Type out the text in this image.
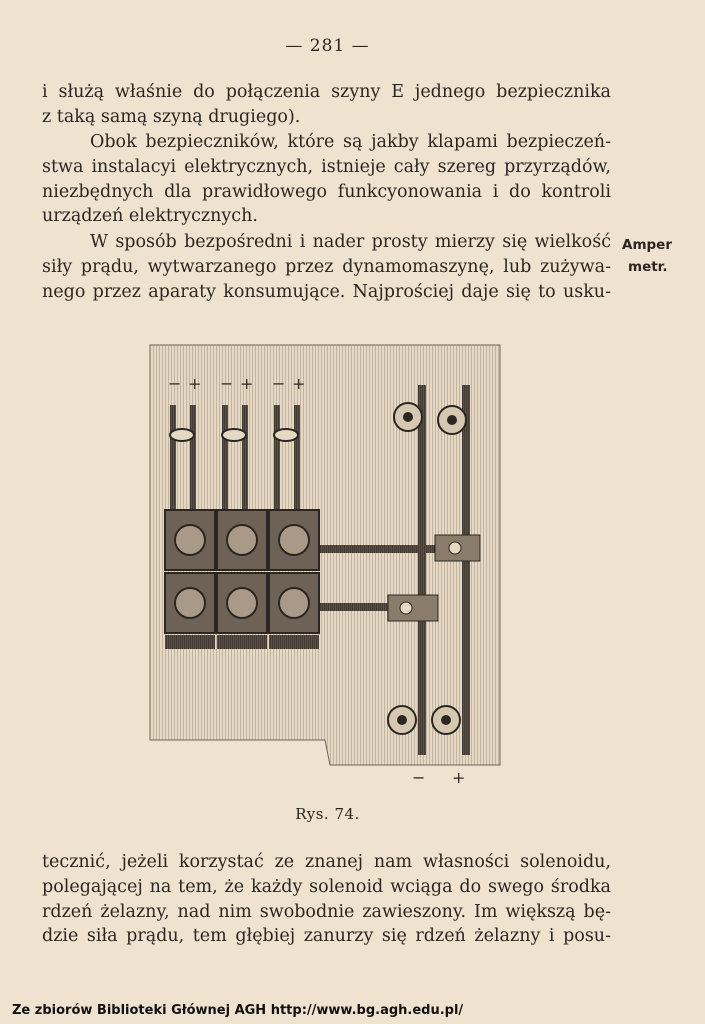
— 281 —
i służą właśnie do połączenia szyny E jednego bezpiecznika
z taką samą szyną drugiego).
Obok bezpieczników, które są jakby klapami bezpieczeń-
stwa instalacyi elektrycznych, istnieje cały szereg przyrządów,
niezbędnych dla prawidłowego funkcyonowania i do kontroli
urządzeń elektrycznych.
W sposób bezpośredni i nader prosty mierzy się wielkość
siły prądu, wytwarzanego przez dynamomaszynę, lub zużywa-
nego przez aparaty konsumujące. Najprościej daje się to usku-
Amper
metr.
− + − + − +
− +
Rys. 74.
tecznić, jeżeli korzystać ze znanej nam własności solenoidu,
polegającej na tem, że każdy solenoid wciąga do swego środka
rdzeń żelazny, nad nim swobodnie zawieszony. Im większą bę-
dzie siła prądu, tem głębiej zanurzy się rdzeń żelazny i posu-
Ze zbiorów Biblioteki Głównej AGH http://www.bg.agh.edu.pl/
